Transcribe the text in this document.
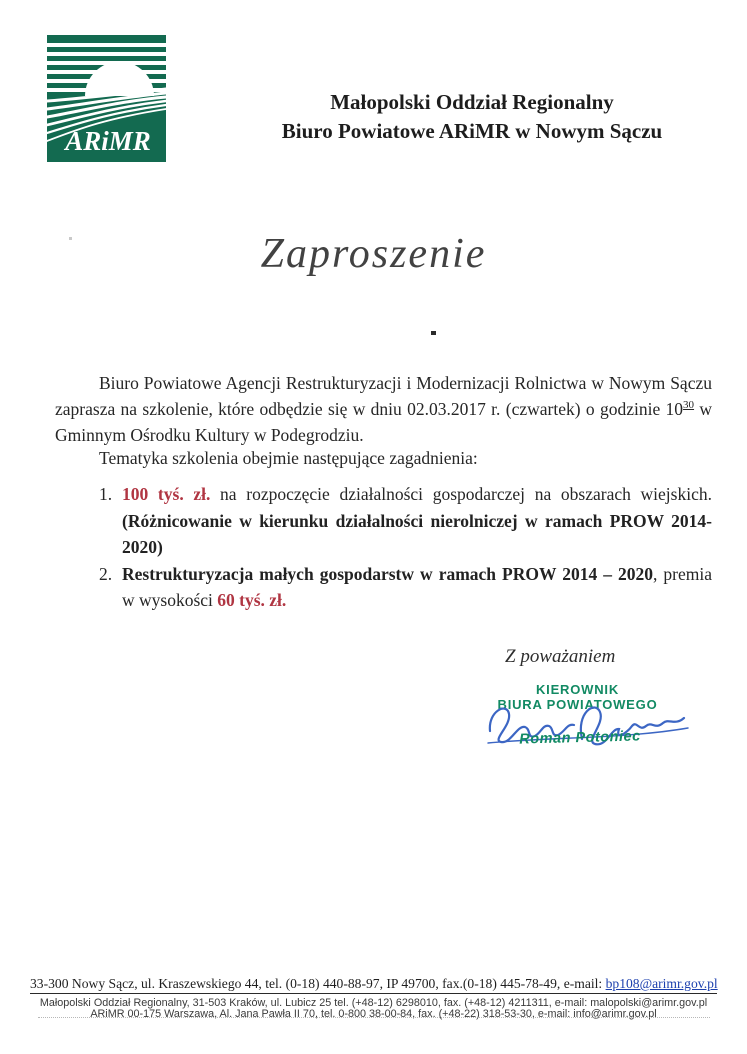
ARiMR
Małopolski Oddział Regionalny
Biuro Powiatowe ARiMR w Nowym Sączu
Zaproszenie

Biuro Powiatowe Agencji Restrukturyzacji i Modernizacji Rolnictwa w Nowym Sączu zaprasza na szkolenie, które odbędzie się w dniu 02.03.2017 r. (czwartek) o godzinie $10^{30}$ w Gminnym Ośrodku Kultury w Podegrodziu.

Tematyka szkolenia obejmie następujące zagadnienia:

1. 100 tyś. zł. na rozpoczęcie działalności gospodarczej na obszarach wiejskich. (Różnicowanie w kierunku działalności nierolniczej w ramach PROW 2014-2020)
2. Restrukturyzacja małych gospodarstw w ramach PROW 2014 – 2020, premia w wysokości 60 tyś. zł.
Z poważaniem
KIEROWNIK
BIURA POWIATOWEGO
Roman Potoniec
33-300 Nowy Sącz, ul. Kraszewskiego 44, tel. (0-18) 440-88-97, IP 49700, fax.(0-18) 445-78-49, e-mail: bp108@arimr.gov.pl
Małopolski Oddział Regionalny, 31-503 Kraków, ul. Lubicz 25 tel. (+48-12) 6298010, fax. (+48-12) 4211311, e-mail: malopolski@arimr.gov.pl
ARiMR 00-175 Warszawa, Al. Jana Pawła II 70, tel. 0-800 38-00-84, fax. (+48-22) 318-53-30, e-mail: info@arimr.gov.pl
